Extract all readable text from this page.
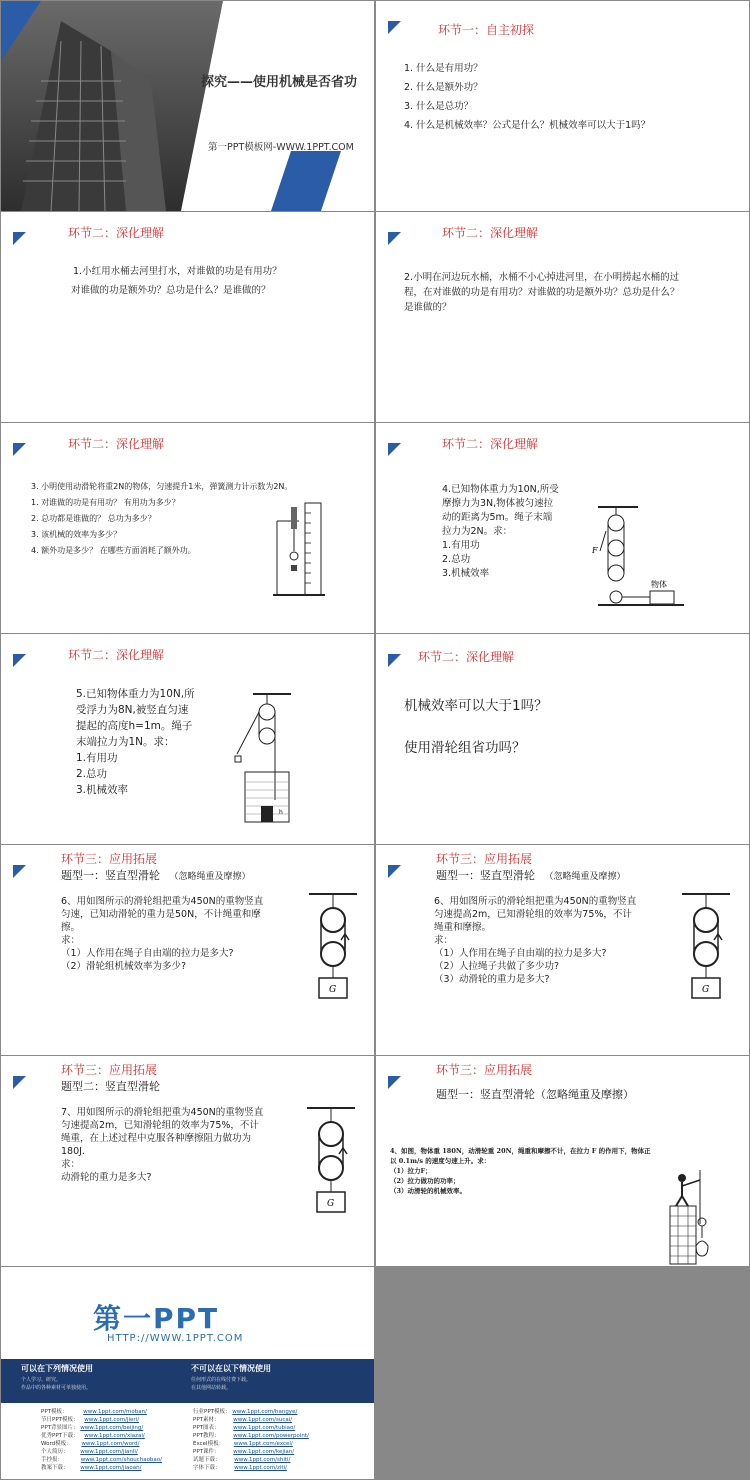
探究——使用机械是否省功
第一PPT模板网-WWW.1PPT.COM
环节一：自主初探
1. 什么是有用功？
2. 什么是额外功？
3. 什么是总功？
4. 什么是机械效率？公式是什么？机械效率可以大于1吗？
环节二：深化理解
1.小红用水桶去河里打水，对谁做的功是有用功？
对谁做的功是额外功？总功是什么？是谁做的？
环节二：深化理解
2.小明在河边玩水桶，水桶不小心掉进河里，在小明捞起水桶的过
程，在对谁做的功是有用功？对谁做的功是额外功？总功是什么？
是谁做的？
环节二：深化理解
3. 小明使用动滑轮将重2N的物体，匀速提升1米，弹簧测力计示数为2N。
1. 对谁做的功是有用功？ 有用功为多少？
2. 总功都是谁做的？ 总功为多少？
3. 该机械的效率为多少？
4. 额外功是多少？ 在哪些方面消耗了额外功。
环节二：深化理解
4.已知物体重力为10N,所受
摩擦力为3N,物体被匀速拉
动的距离为5m。绳子末端
拉力为2N。求：
1.有用功
2.总功
3.机械效率
F
物体
环节二：深化理解
5.已知物体重力为10N,所
受浮力为8N,被竖直匀速
提起的高度h=1m。绳子
末端拉力为1N。求：
1.有用功
2.总功
3.机械效率
h
环节二：深化理解
机械效率可以大于1吗？
使用滑轮组省功吗？
环节三：应用拓展
题型一：竖直型滑轮 （忽略绳重及摩擦）
6、用如图所示的滑轮组把重为450N的重物竖直
匀速，已知动滑轮的重力是50N，不计绳重和摩
擦。
求：
（1）人作用在绳子自由端的拉力是多大?
（2）滑轮组机械效率为多少?
G
环节三：应用拓展
题型一：竖直型滑轮 （忽略绳重及摩擦）
6、用如图所示的滑轮组把重为450N的重物竖直
匀速提高2m，已知滑轮组的效率为75%，不计
绳重和摩擦。
求：
（1）人作用在绳子自由端的拉力是多大?
（2）人拉绳子共做了多少功?
（3）动滑轮的重力是多大?
G
环节三：应用拓展
题型二：竖直型滑轮
7、用如图所示的滑轮组把重为450N的重物竖直
匀速提高2m，已知滑轮组的效率为75%，不计
绳重，在上述过程中克服各种摩擦阻力做功为
180J.
求：
动滑轮的重力是多大?
G
环节三：应用拓展
题型一：竖直型滑轮（忽略绳重及摩擦）
4、如图，物体重 180N，动滑轮重 20N，绳重和摩擦不计，在拉力 F 的作用下，物体正
以 0.1m/s 的速度匀速上升。求：
（1）拉力F；
（2）拉力做功的功率；
（3）动滑轮的机械效率。
第一PPT
HTTP://WWW.1PPT.COM
可以在下列情况使用
个人学习、研究。
作品中的各种素材可单独使用。
不可以在以下情况使用
任何形式的在线付费下载。
在其他网站转载。
PPT模板：	www.1ppt.com/moban/
节日PPT模板： www.1ppt.com/jieri/
PPT背景图片： www.1ppt.com/beijing/
优秀PPT下载： www.1ppt.com/xiazai/
Word模板： www.1ppt.com/word/
个人简历： www.1ppt.com/jianli/
手抄报：	www.1ppt.com/shouchaobao/
教案下载： www.1ppt.com/jiaoan/
行业PPT模板： www.1ppt.com/hangye/
PPT素材：	www.1ppt.com/sucai/
PPT图表：	www.1ppt.com/tubiao/
PPT教程：	www.1ppt.com/powerpoint/
Excel模板： www.1ppt.com/excel/
PPT课件：	www.1ppt.com/kejian/
试题下载：	www.1ppt.com/shiti/
字体下载：	www.1ppt.com/ziti/
